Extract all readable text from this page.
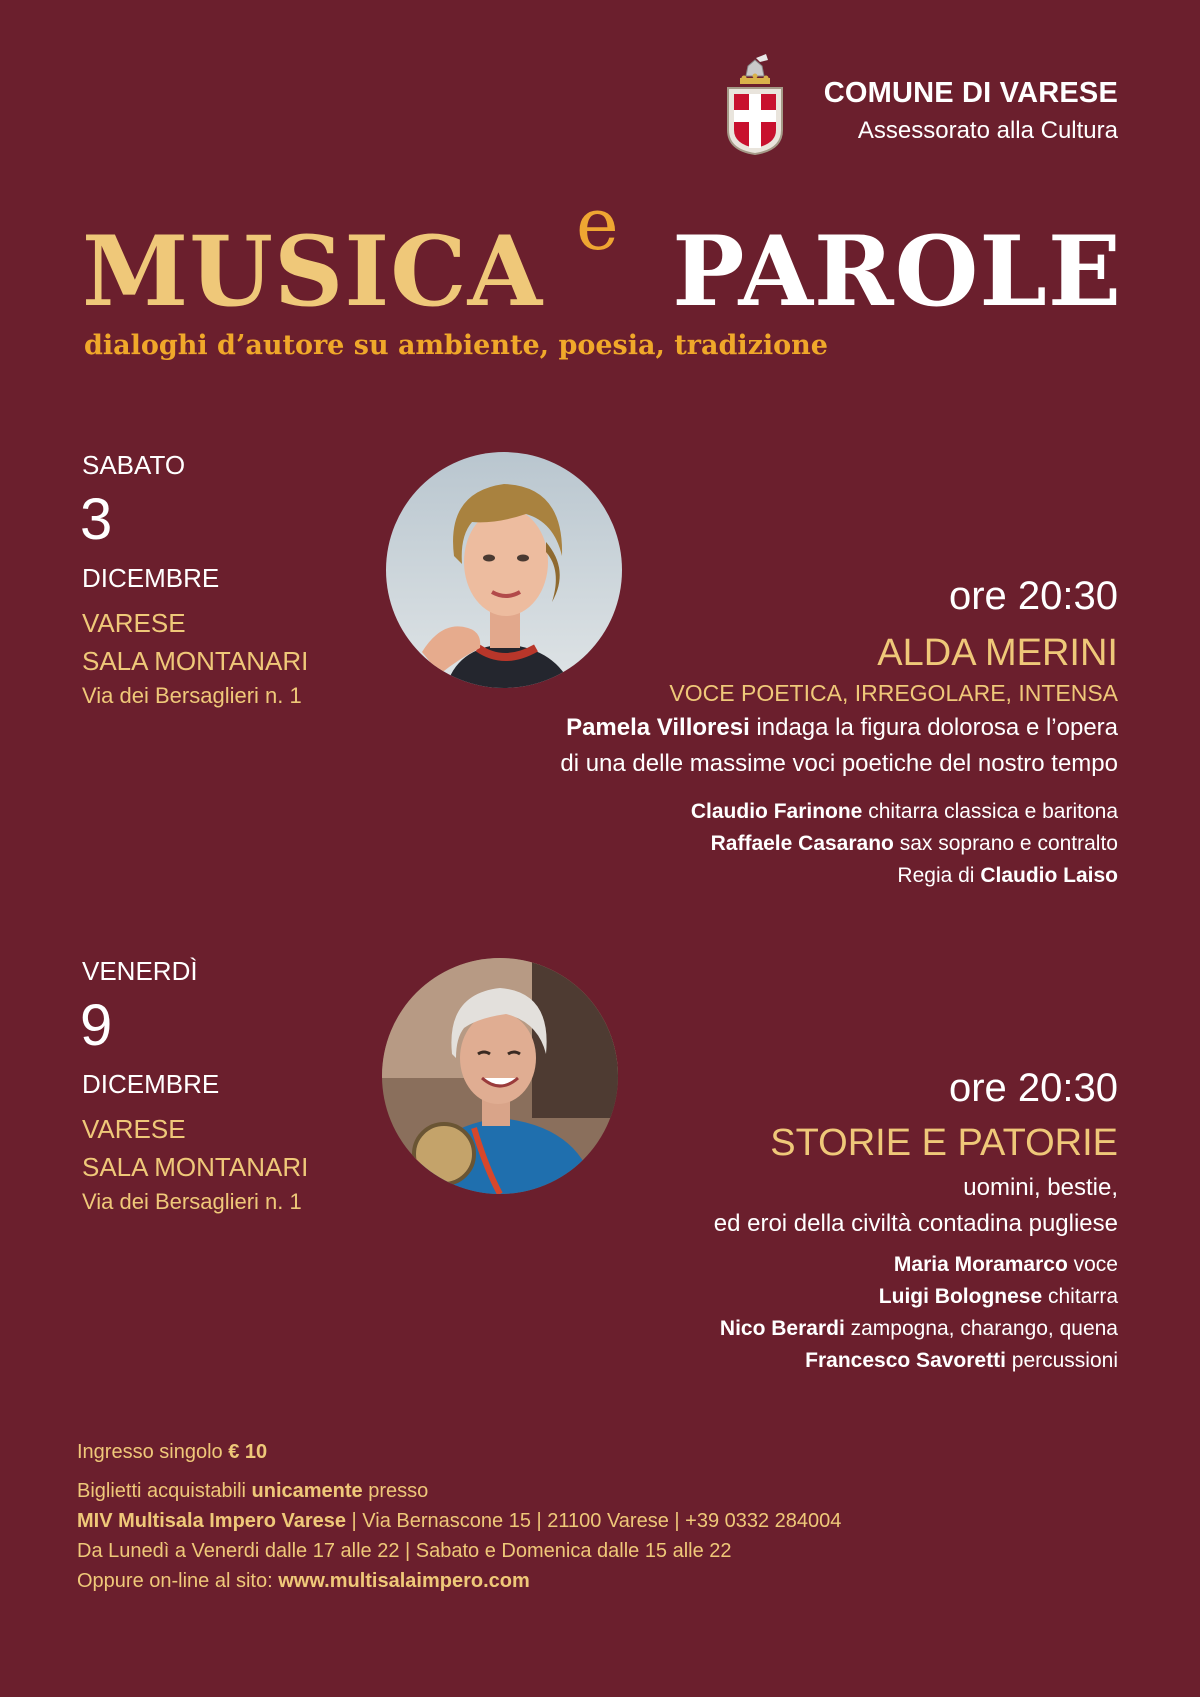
COMUNE DI VARESE
Assessorato alla Cultura
MUSICA e PAROLE
dialoghi d’autore su ambiente, poesia, tradizione
SABATO
3
DICEMBRE
VARESE
SALA MONTANARI
Via dei Bersaglieri n. 1
ore 20:30
ALDA MERINI
VOCE POETICA, IRREGOLARE, INTENSA
Pamela Villoresi indaga la figura dolorosa e l’opera
di una delle massime voci poetiche del nostro tempo
Claudio Farinone chitarra classica e baritona
Raffaele Casarano sax soprano e contralto
Regia di Claudio Laiso
VENERDÌ
9
DICEMBRE
VARESE
SALA MONTANARI
Via dei Bersaglieri n. 1
ore 20:30
STORIE E PATORIE
uomini, bestie,
ed eroi della civiltà contadina pugliese
Maria Moramarco voce
Luigi Bolognese chitarra
Nico Berardi zampogna, charango, quena
Francesco Savoretti percussioni
Ingresso singolo € 10
Biglietti acquistabili unicamente presso
MIV Multisala Impero Varese | Via Bernascone 15 | 21100 Varese | +39 0332 284004
Da Lunedì a Venerdi dalle 17 alle 22 | Sabato e Domenica dalle 15 alle 22
Oppure on-line al sito: www.multisalaimpero.com
